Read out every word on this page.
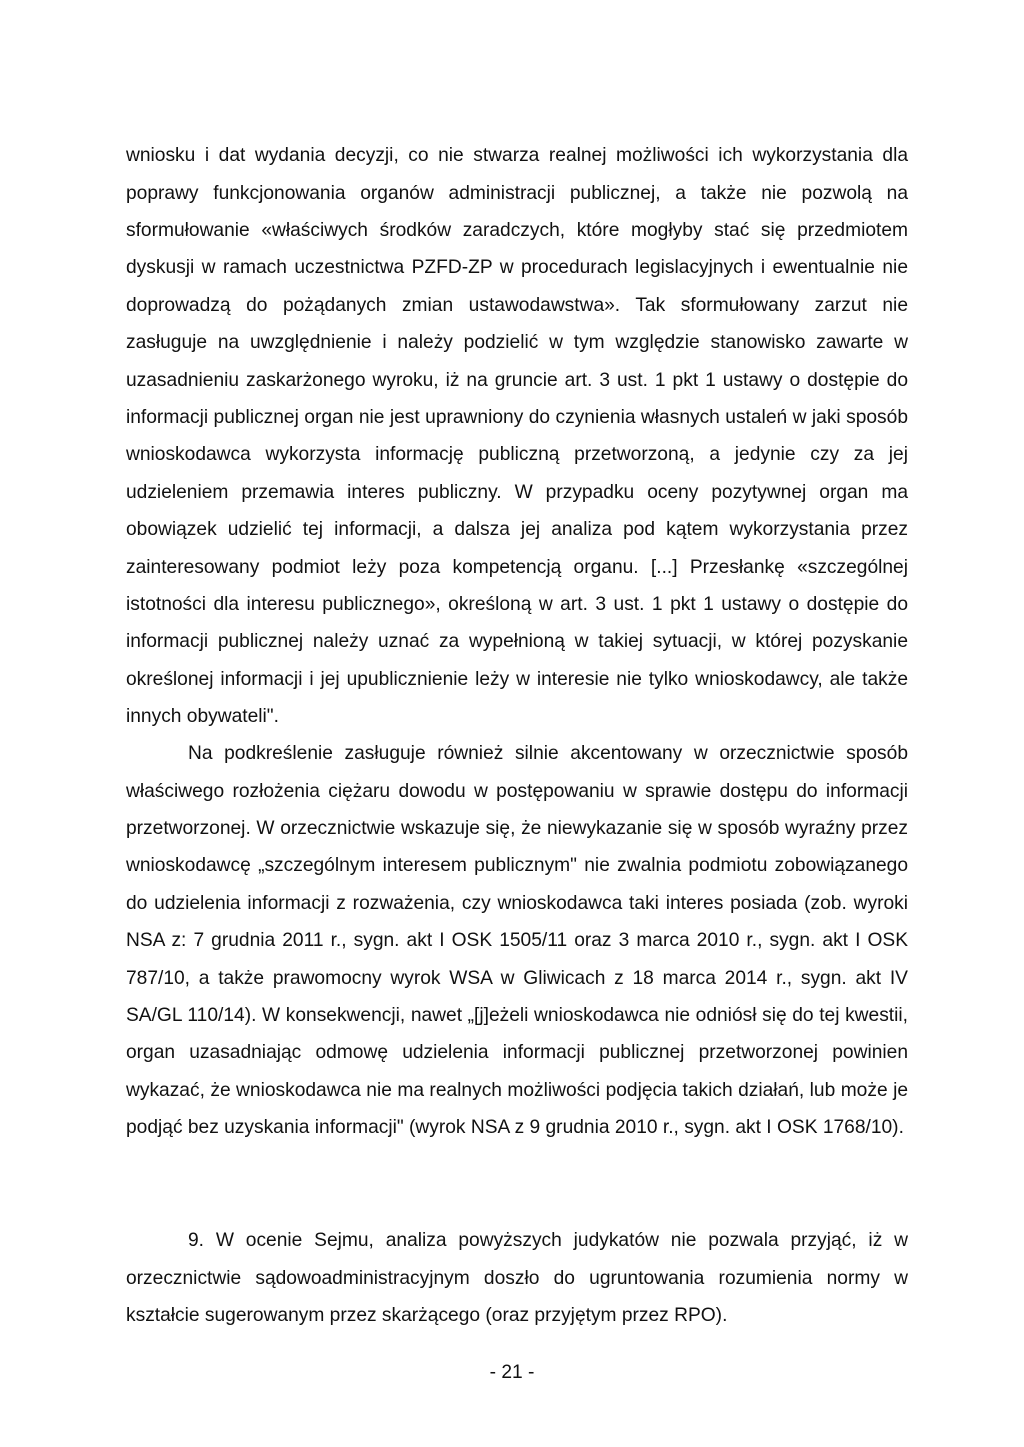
wniosku i dat wydania decyzji, co nie stwarza realnej możliwości ich wykorzystania dla poprawy funkcjonowania organów administracji publicznej, a także nie pozwolą na sformułowanie «właściwych środków zaradczych, które mogłyby stać się przedmiotem dyskusji w ramach uczestnictwa PZFD-ZP w procedurach legislacyjnych i ewentualnie nie doprowadzą do pożądanych zmian ustawodawstwa». Tak sformułowany zarzut nie zasługuje na uwzględnienie i należy podzielić w tym względzie stanowisko zawarte w uzasadnieniu zaskarżonego wyroku, iż na gruncie art. 3 ust. 1 pkt 1 ustawy o dostępie do informacji publicznej organ nie jest uprawniony do czynienia własnych ustaleń w jaki sposób wnioskodawca wykorzysta informację publiczną przetworzoną, a jedynie czy za jej udzieleniem przemawia interes publiczny. W przypadku oceny pozytywnej organ ma obowiązek udzielić tej informacji, a dalsza jej analiza pod kątem wykorzystania przez zainteresowany podmiot leży poza kompetencją organu. [...] Przesłankę «szczególnej istotności dla interesu publicznego», określoną w art. 3 ust. 1 pkt 1 ustawy o dostępie do informacji publicznej należy uznać za wypełnioną w takiej sytuacji, w której pozyskanie określonej informacji i jej upublicznienie leży w interesie nie tylko wnioskodawcy, ale także innych obywateli".

Na podkreślenie zasługuje również silnie akcentowany w orzecznictwie sposób właściwego rozłożenia ciężaru dowodu w postępowaniu w sprawie dostępu do informacji przetworzonej. W orzecznictwie wskazuje się, że niewykazanie się w sposób wyraźny przez wnioskodawcę „szczególnym interesem publicznym" nie zwalnia podmiotu zobowiązanego do udzielenia informacji z rozważenia, czy wnioskodawca taki interes posiada (zob. wyroki NSA z: 7 grudnia 2011 r., sygn. akt I OSK 1505/11 oraz 3 marca 2010 r., sygn. akt I OSK 787/10, a także prawomocny wyrok WSA w Gliwicach z 18 marca 2014 r., sygn. akt IV SA/GL 110/14). W konsekwencji, nawet „[j]eżeli wnioskodawca nie odniósł się do tej kwestii, organ uzasadniając odmowę udzielenia informacji publicznej przetworzonej powinien wykazać, że wnioskodawca nie ma realnych możliwości podjęcia takich działań, lub może je podjąć bez uzyskania informacji" (wyrok NSA z 9 grudnia 2010 r., sygn. akt I OSK 1768/10).

9. W ocenie Sejmu, analiza powyższych judykatów nie pozwala przyjąć, iż w orzecznictwie sądowoadministracyjnym doszło do ugruntowania rozumienia normy w kształcie sugerowanym przez skarżącego (oraz przyjętym przez RPO).

- 21 -
